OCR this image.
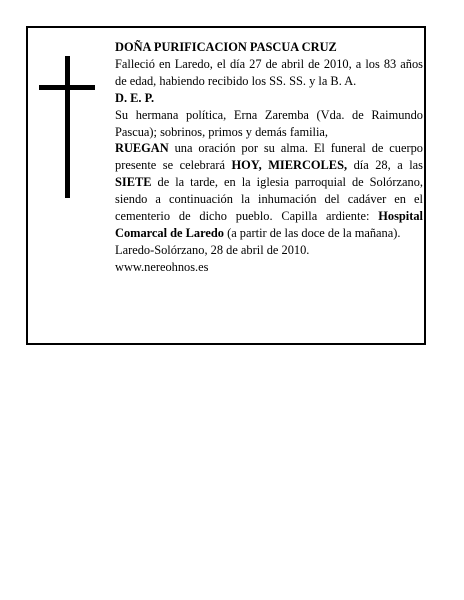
DOÑA PURIFICACION PASCUA CRUZ

Falleció en Laredo, el día 27 de abril de 2010, a los 83 años de edad, habiendo recibido los SS. SS. y la B. A.

D. E. P.

Su hermana política, Erna Zaremba (Vda. de Raimundo Pascua); sobrinos, primos y demás familia,

RUEGAN una oración por su alma. El funeral de cuerpo presente se celebrará HOY, MIERCOLES, día 28, a las SIETE de la tarde, en la iglesia parroquial de Solórzano, siendo a continuación la inhumación del cadáver en el cementerio de dicho pueblo. Capilla ardiente: Hospital Comarcal de Laredo (a partir de las doce de la mañana).

Laredo-Solórzano, 28 de abril de 2010.

www.nereohnos.es
